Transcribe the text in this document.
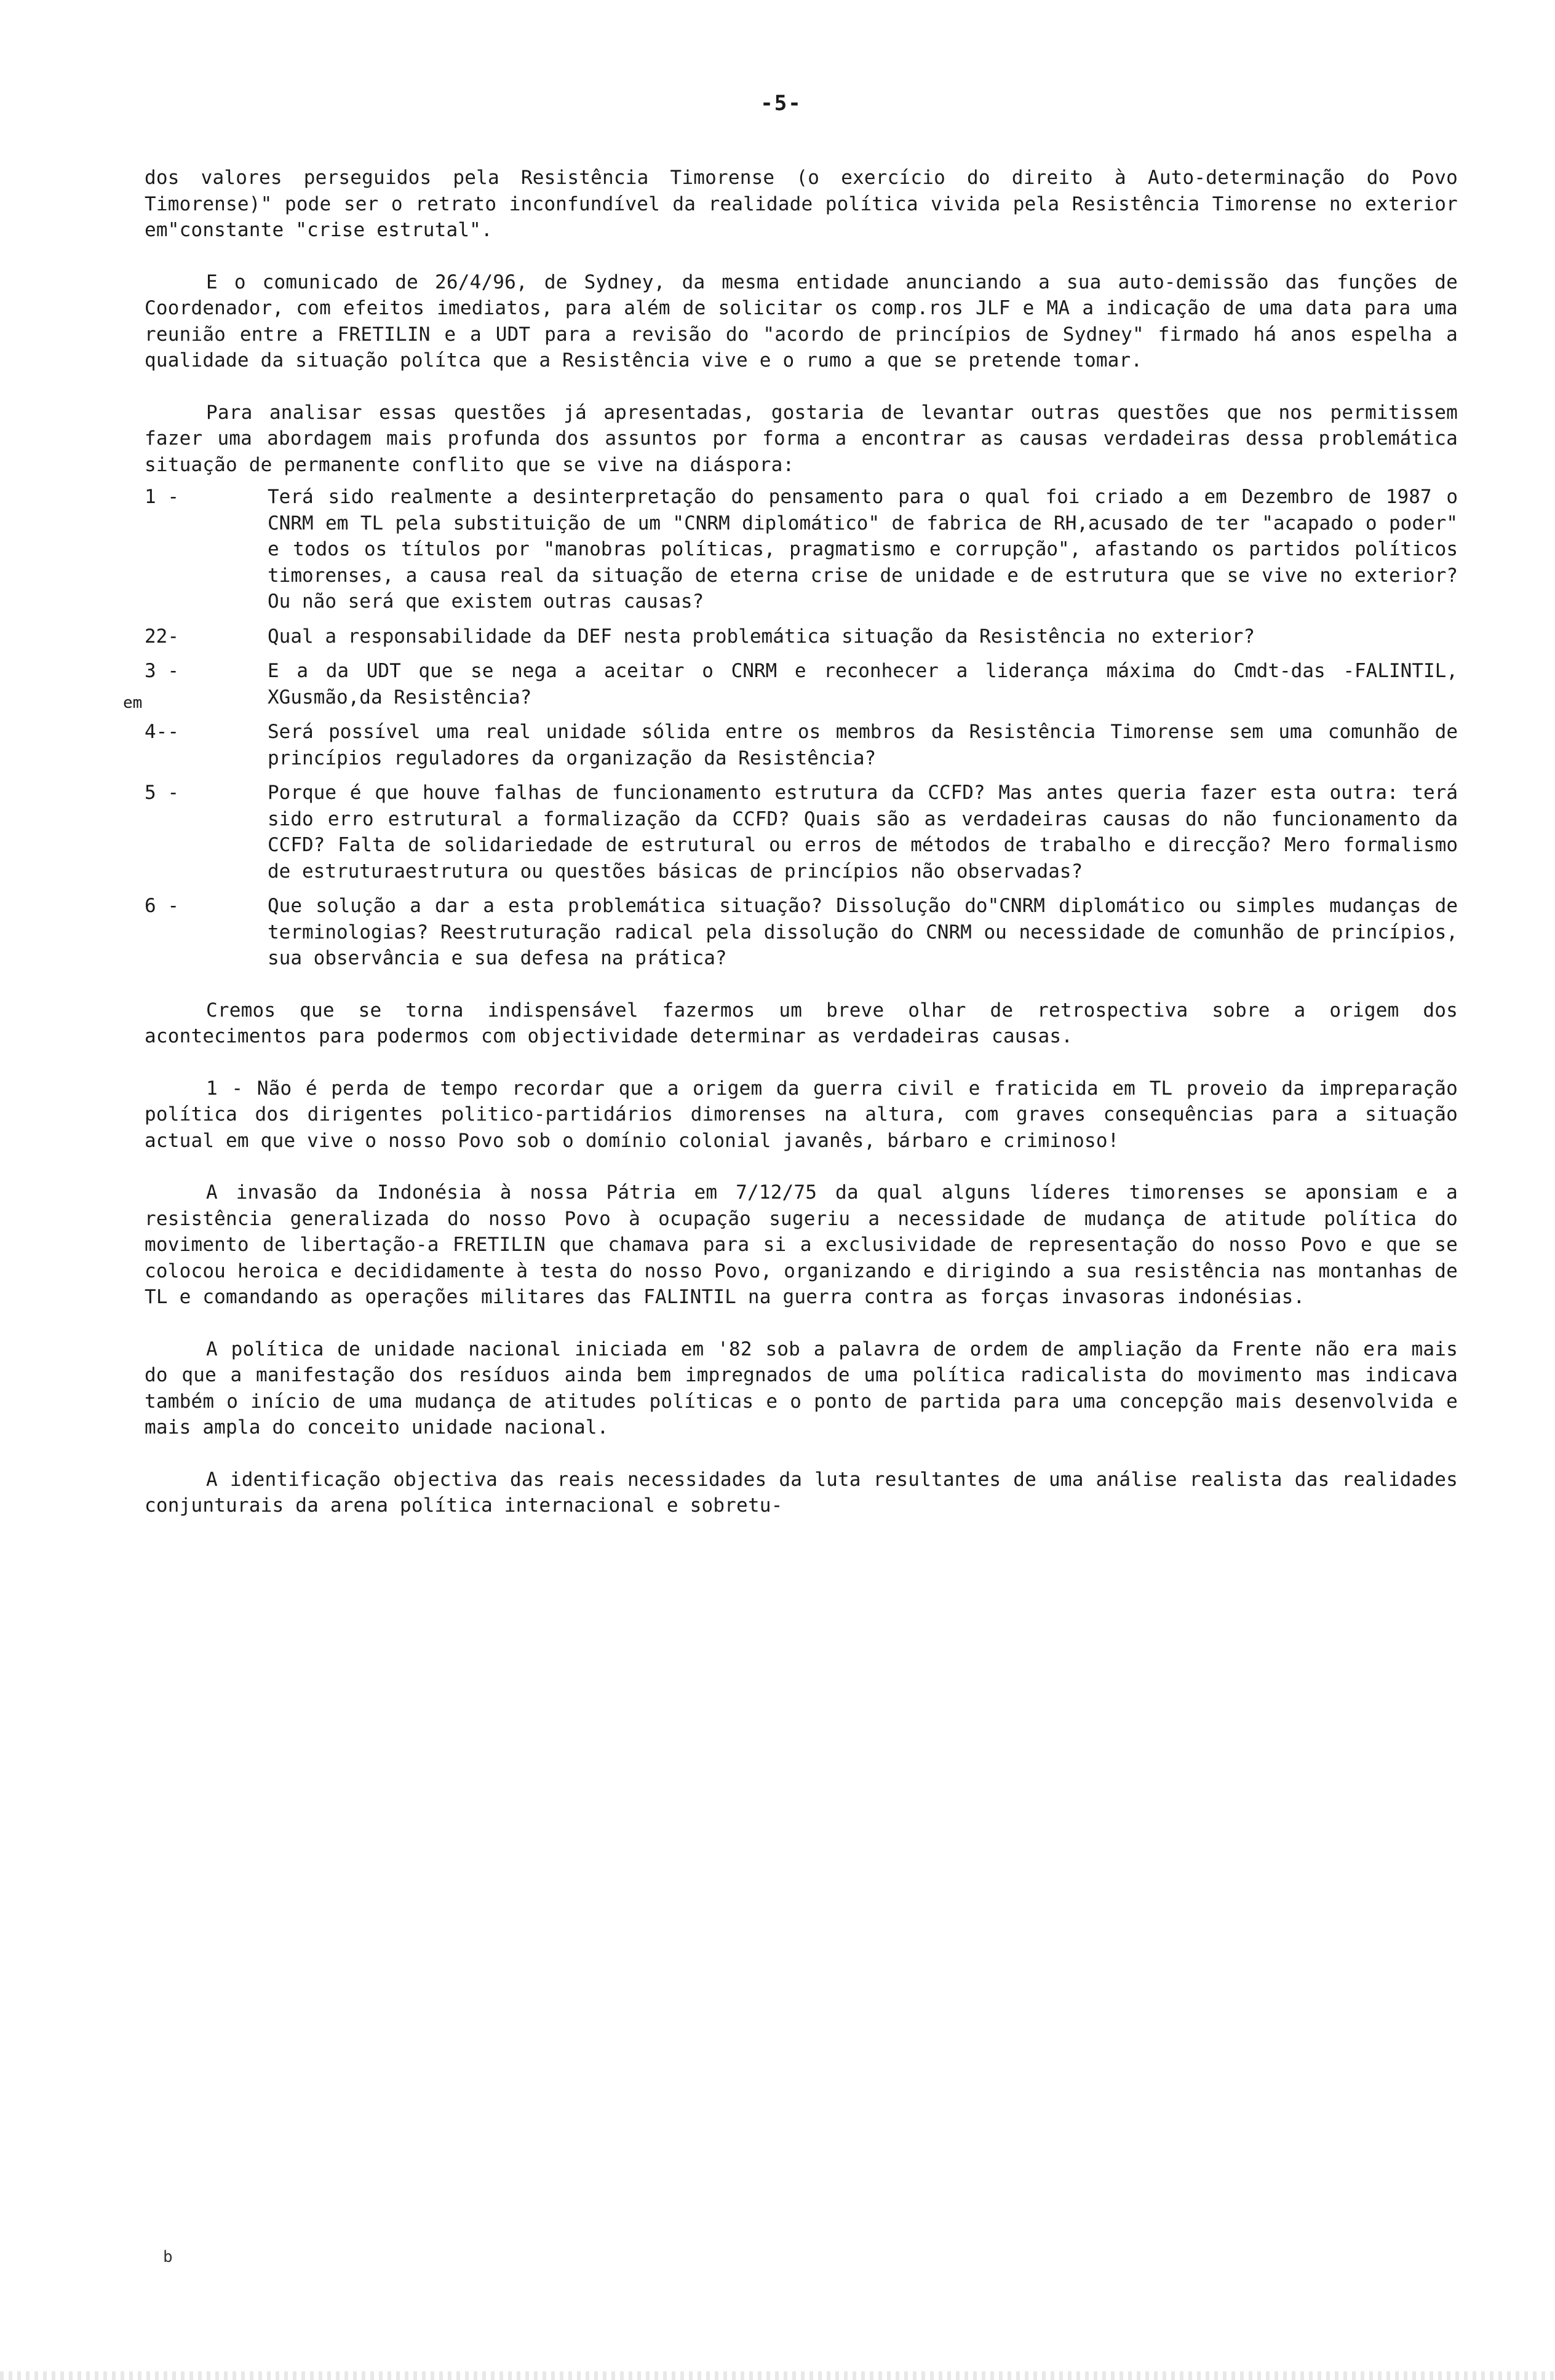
-5-
em

dos valores perseguidos pela Resistência Timorense (o exercício do direito à Auto-determinação do Povo Timorense)" pode ser o retrato inconfundível da realidade política vivida pela Resistência Timorense no exterior em"constante "crise estrutal".

E o comunicado de 26/4/96, de Sydney, da mesma entidade anunciando a sua auto-demissão das funções de Coordenador, com efeitos imediatos, para além de solicitar os comp.ros JLF e MA a indicação de uma data para uma reunião entre a FRETILIN e a UDT para a revisão do "acordo de princípios de Sydney" firmado há anos espelha a qualidade da situação polítca que a Resistência vive e o rumo a que se pretende tomar.

Para analisar essas questões já apresentadas, gostaria de levantar outras questões que nos permitissem fazer uma abordagem mais profunda dos assuntos por forma a encontrar as causas verdadeiras dessa problemática situação de permanente conflito que se vive na diáspora:

1 -	Terá sido realmente a desinterpretação do pensamento para o qual foi criado a em Dezembro de 1987 o CNRM em TL pela substituição de um "CNRM diplomático" de fabrica de RH,acusado de ter "acapado o poder" e todos os títulos por "manobras políticas, pragmatismo e corrupção", afastando os partidos políticos timorenses, a causa real da situação de eterna crise de unidade e de estrutura que se vive no exterior? Ou não será que existem outras causas?
22-	Qual a responsabilidade da DEF nesta problemática situação da Resistência no exterior?
3 -	E a da UDT que se nega a aceitar o CNRM e reconhecer a liderança máxima do Cmdt-das -FALINTIL, XGusmão,da Resistência?
4--	Será possível uma real unidade sólida entre os membros da Resistência Timorense sem uma comunhão de princípios reguladores da organização da Resistência?
5 -	Porque é que houve falhas de funcionamento estrutura da CCFD? Mas antes queria fazer esta outra: terá sido erro estrutural a formalização da CCFD? Quais são as verdadeiras causas do não funcionamento da CCFD? Falta de solidariedade de estrutural ou erros de métodos de trabalho e direcção? Mero formalismo de estruturaestrutura ou questões básicas de princípios não observadas?
6 -	Que solução a dar a esta problemática situação? Dissolução do"CNRM diplomático ou simples mudanças de terminologias? Reestruturação radical pela dissolução do CNRM ou necessidade de comunhão de princípios, sua observância e sua defesa na prática?

Cremos que se torna indispensável fazermos um breve olhar de retrospectiva sobre a origem dos acontecimentos para podermos com objectividade determinar as verdadeiras causas.

1 - Não é perda de tempo recordar que a origem da guerra civil e fraticida em TL proveio da impreparação política dos dirigentes politico-partidários dimorenses na altura, com graves consequências para a situação actual em que vive o nosso Povo sob o domínio colonial javanês, bárbaro e criminoso!

A invasão da Indonésia à nossa Pátria em 7/12/75 da qual alguns líderes timorenses se aponsiam e a resistência generalizada do nosso Povo à ocupação sugeriu a necessidade de mudança de atitude política do movimento de libertação-a FRETILIN que chamava para si a exclusividade de representação do nosso Povo e que se colocou heroica e decididamente à testa do nosso Povo, organizando e dirigindo a sua resistência nas montanhas de TL e comandando as operações militares das FALINTIL na guerra contra as forças invasoras indonésias.

A política de unidade nacional iniciada em '82 sob a palavra de ordem de ampliação da Frente não era mais do que a manifestação dos resíduos ainda bem impregnados de uma política radicalista do movimento mas indicava também o início de uma mudança de atitudes políticas e o ponto de partida para uma concepção mais desenvolvida e mais ampla do conceito unidade nacional.

A identificação objectiva das reais necessidades da luta resultantes de uma análise realista das realidades conjunturais da arena política internacional e sobretu-

b
